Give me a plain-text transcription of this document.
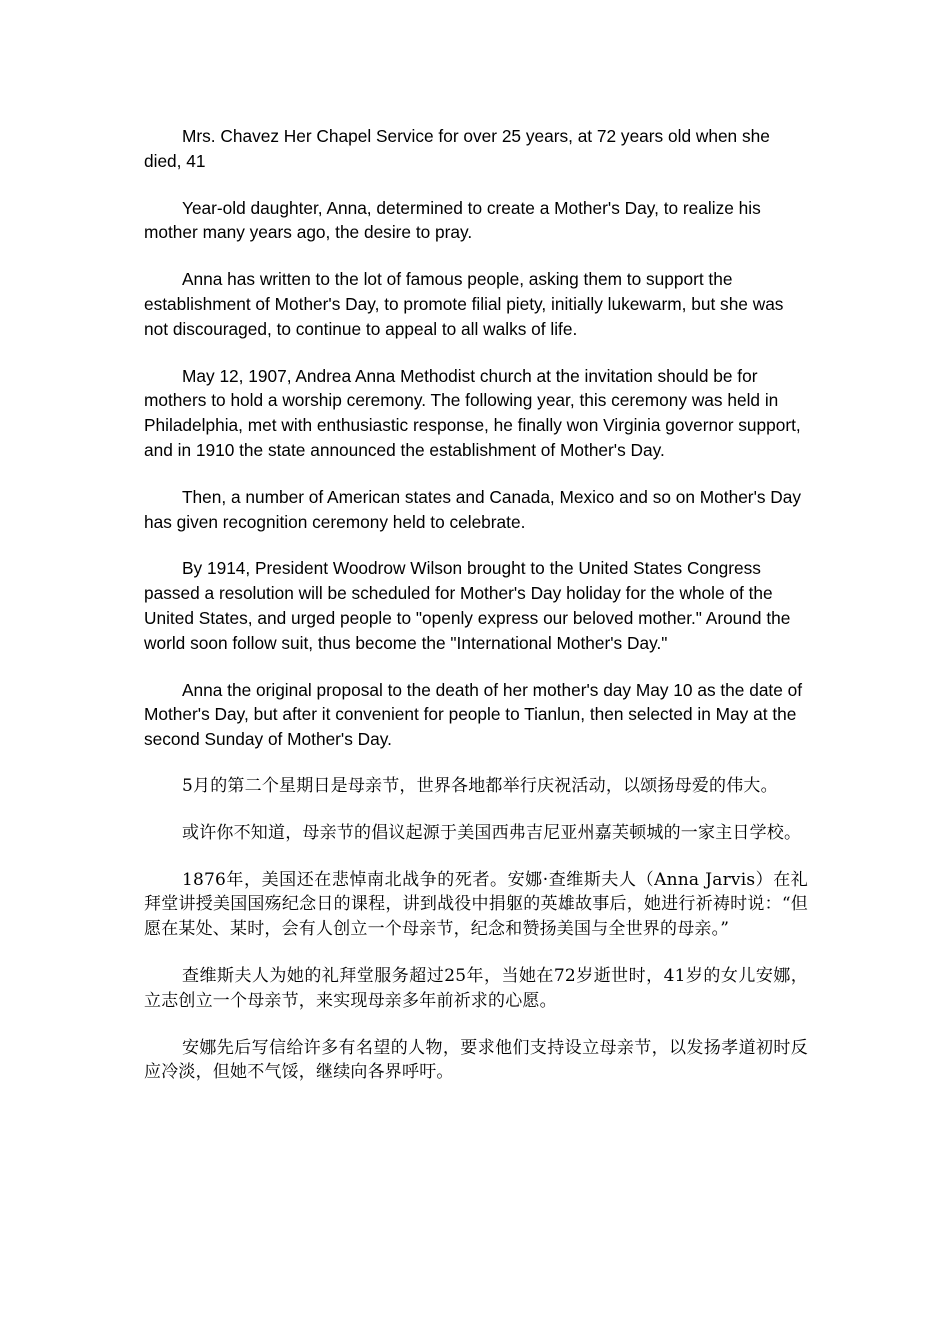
Mrs. Chavez Her Chapel Service for over 25 years, at 72 years old when she died, 41

Year-old daughter, Anna, determined to create a Mother's Day, to realize his mother many years ago, the desire to pray.

Anna has written to the lot of famous people, asking them to support the establishment of Mother's Day, to promote filial piety, initially lukewarm, but she was not discouraged, to continue to appeal to all walks of life.

May 12, 1907, Andrea Anna Methodist church at the invitation should be for mothers to hold a worship ceremony. The following year, this ceremony was held in Philadelphia, met with enthusiastic response, he finally won Virginia governor support, and in 1910 the state announced the establishment of Mother's Day.

Then, a number of American states and Canada, Mexico and so on Mother's Day has given recognition ceremony held to celebrate.

By 1914, President Woodrow Wilson brought to the United States Congress passed a resolution will be scheduled for Mother's Day holiday for the whole of the United States, and urged people to "openly express our beloved mother." Around the world soon follow suit, thus become the "International Mother's Day."

Anna the original proposal to the death of her mother's day May 10 as the date of Mother's Day, but after it convenient for people to Tianlun, then selected in May at the second Sunday of Mother's Day.

5月的第二个星期日是母亲节，世界各地都举行庆祝活动，以颂扬母爱的伟大。

或许你不知道，母亲节的倡议起源于美国西弗吉尼亚州嘉芙顿城的一家主日学校。

1876年，美国还在悲悼南北战争的死者。安娜·查维斯夫人（Anna Jarvis）在礼拜堂讲授美国国殇纪念日的课程，讲到战役中捐躯的英雄故事后，她进行祈祷时说：“但愿在某处、某时，会有人创立一个母亲节，纪念和赞扬美国与全世界的母亲。”

查维斯夫人为她的礼拜堂服务超过25年，当她在72岁逝世时，41岁的女儿安娜，立志创立一个母亲节，来实现母亲多年前祈求的心愿。

安娜先后写信给许多有名望的人物，要求他们支持设立母亲节，以发扬孝道初时反应冷淡，但她不气馁，继续向各界呼吁。
